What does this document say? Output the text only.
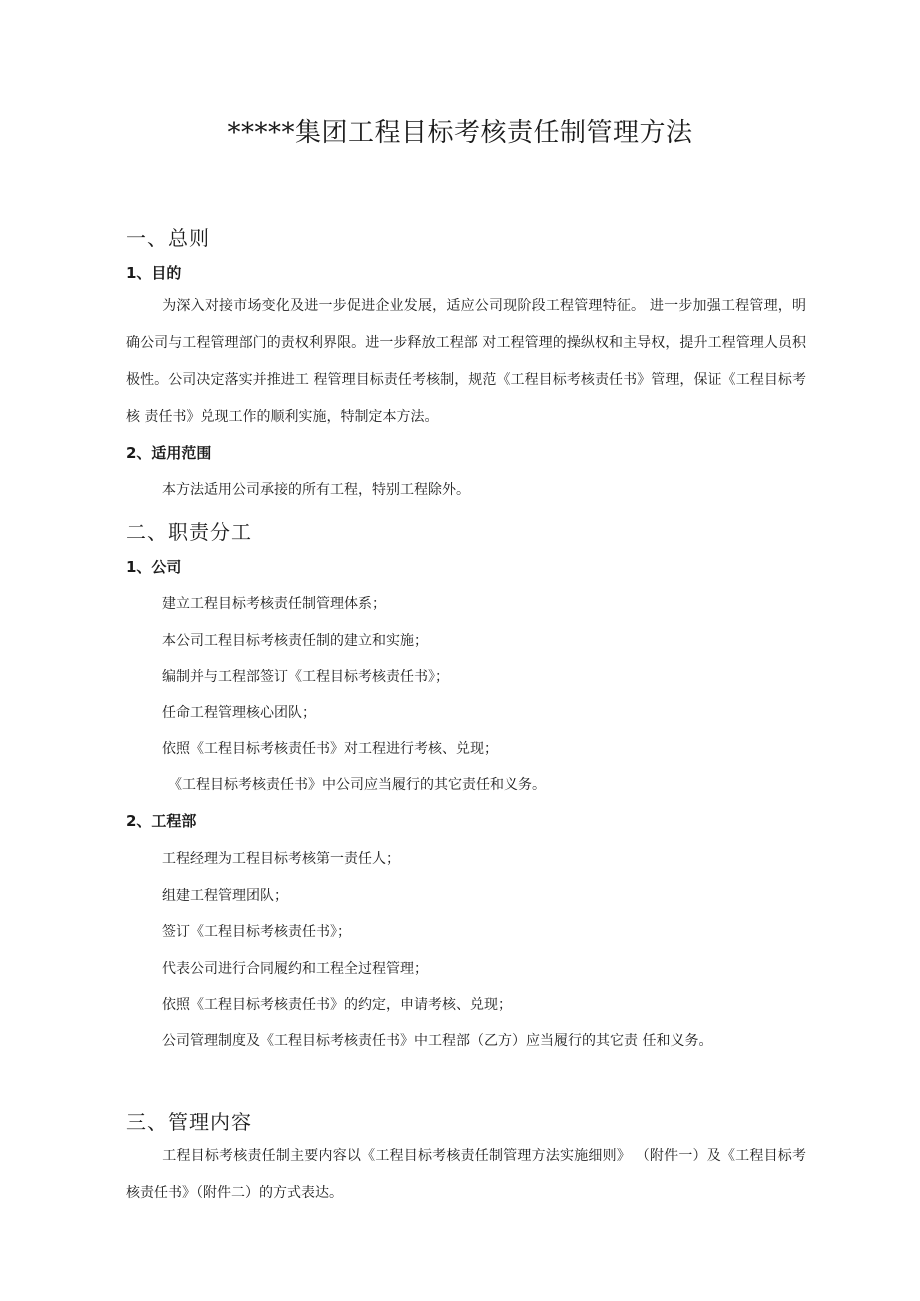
*****集团工程目标考核责任制管理方法
一、总则
1、目的
为深入对接市场变化及进一步促进企业发展，适应公司现阶段工程管理特征。 进一步加强工程管理，明确公司与工程管理部门的责权利界限。进一步释放工程部 对工程管理的操纵权和主导权，提升工程管理人员积极性。公司决定落实并推进工 程管理目标责任考核制，规范《工程目标考核责任书》管理，保证《工程目标考核 责任书》兑现工作的顺利实施，特制定本方法。
2、适用范围
本方法适用公司承接的所有工程，特别工程除外。
二、职责分工
1、公司
建立工程目标考核责任制管理体系；
本公司工程目标考核责任制的建立和实施；
编制并与工程部签订《工程目标考核责任书》；
任命工程管理核心团队；
依照《工程目标考核责任书》对工程进行考核、兑现；
《工程目标考核责任书》中公司应当履行的其它责任和义务。
2、工程部
工程经理为工程目标考核第一责任人；
组建工程管理团队；
签订《工程目标考核责任书》；
代表公司进行合同履约和工程全过程管理；
依照《工程目标考核责任书》的约定，申请考核、兑现；
公司管理制度及《工程目标考核责任书》中工程部（乙方）应当履行的其它责 任和义务。
三、管理内容
工程目标考核责任制主要内容以《工程目标考核责任制管理方法实施细则》 （附件一）及《工程目标考核责任书》（附件二）的方式表达。
